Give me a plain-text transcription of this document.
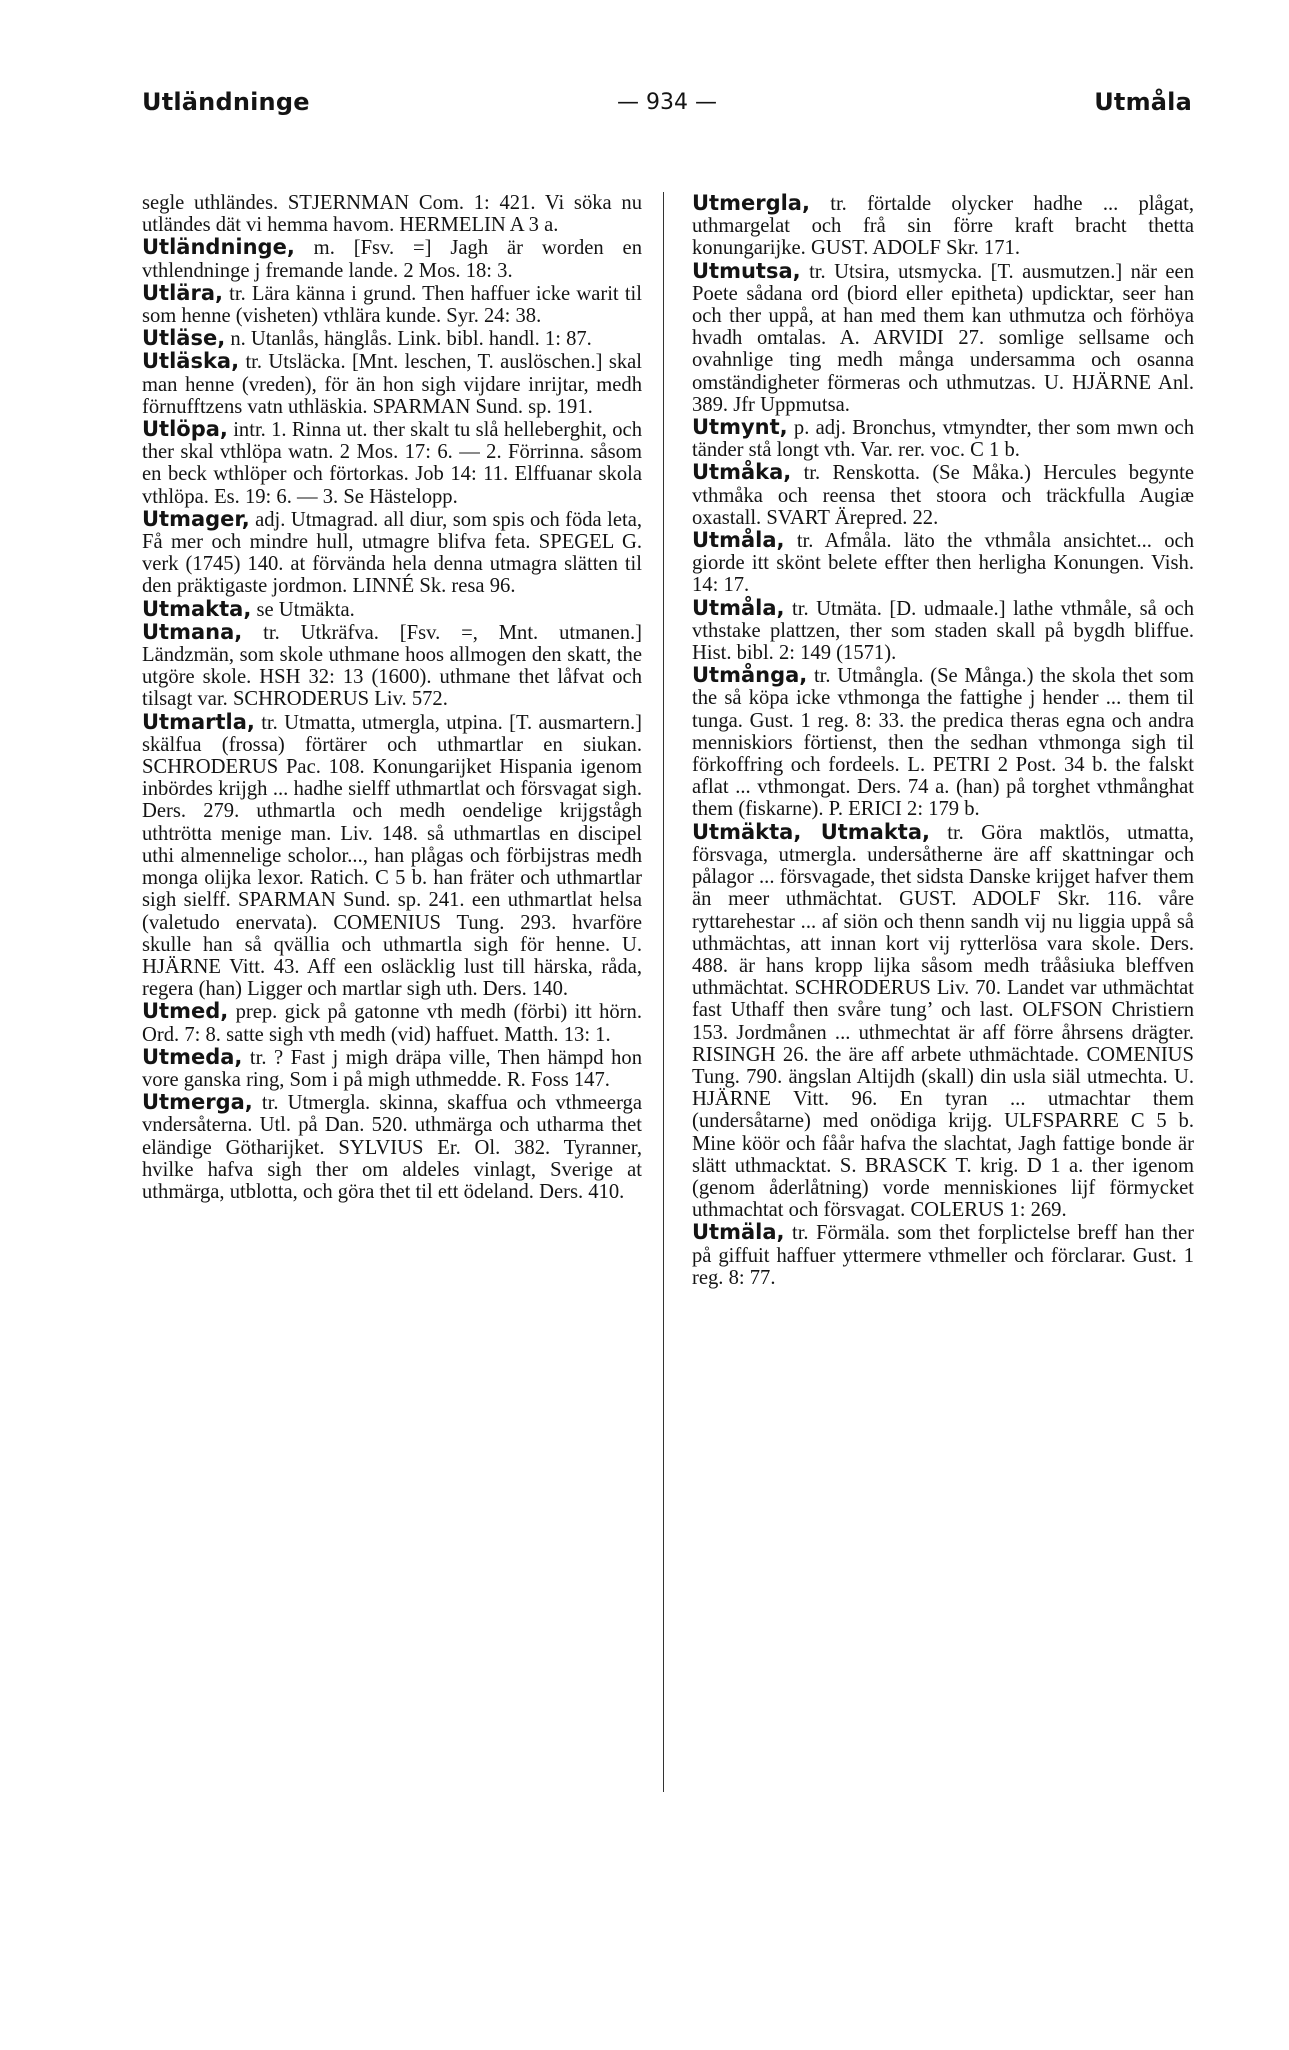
Utländninge	— 934 —	Utmåla

segle uthländes. STJERNMAN Com. 1: 421. Vi söka nu utländes dät vi hemma havom. HERMELIN A 3 a.

Utländninge, m. [Fsv. =] Jagh är worden en vthlendninge j fremande lande. 2 Mos. 18: 3.

Utlära, tr. Lära känna i grund. Then haffuer icke warit til som henne (visheten) vthlära kunde. Syr. 24: 38.

Utläse, n. Utanlås, hänglås. Link. bibl. handl. 1: 87.

Utläska, tr. Utsläcka. [Mnt. leschen, T. auslöschen.] skal man henne (vreden), för än hon sigh vijdare inrijtar, medh förnufftzens vatn uthläskia. SPARMAN Sund. sp. 191.

Utlöpa, intr. 1. Rinna ut. ther skalt tu slå helleberghit, och ther skal vthlöpa watn. 2 Mos. 17: 6. — 2. Förrinna. såsom en beck wthlöper och förtorkas. Job 14: 11. Elffuanar skola vthlöpa. Es. 19: 6. — 3. Se Hästelopp.

Utmager, adj. Utmagrad. all diur, som spis och föda leta, Få mer och mindre hull, utmagre blifva feta. SPEGEL G. verk (1745) 140. at förvända hela denna utmagra slätten til den präktigaste jordmon. LINNÉ Sk. resa 96.

Utmakta, se Utmäkta.

Utmana, tr. Utkräfva. [Fsv. =, Mnt. utmanen.] Ländzmän, som skole uthmane hoos allmogen den skatt, the utgöre skole. HSH 32: 13 (1600). uthmane thet låfvat och tilsagt var. SCHRODERUS Liv. 572.

Utmartla, tr. Utmatta, utmergla, utpina. [T. ausmartern.] skälfua (frossa) förtärer och uthmartlar en siukan. SCHRODERUS Pac. 108. Konungarijket Hispania igenom inbördes krijgh ... hadhe sielff uthmartlat och försvagat sigh. Ders. 279. uthmartla och medh oendelige krijgstågh uthtrötta menige man. Liv. 148. så uthmartlas en discipel uthi almennelige scholor..., han plågas och förbijstras medh monga olijka lexor. Ratich. C 5 b. han fräter och uthmartlar sigh sielff. SPARMAN Sund. sp. 241. een uthmartlat helsa (valetudo enervata). COMENIUS Tung. 293. hvarföre skulle han så qvällia och uthmartla sigh för henne. U. HJÄRNE Vitt. 43. Aff een osläcklig lust till härska, råda, regera (han) Ligger och martlar sigh uth. Ders. 140.

Utmed, prep. gick på gatonne vth medh (förbi) itt hörn. Ord. 7: 8. satte sigh vth medh (vid) haffuet. Matth. 13: 1.

Utmeda, tr. ? Fast j migh dräpa ville, Then hämpd hon vore ganska ring, Som i på migh uthmedde. R. Foss 147.

Utmerga, tr. Utmergla. skinna, skaffua och vthmeerga vndersåterna. Utl. på Dan. 520. uthmärga och utharma thet eländige Götharijket. SYLVIUS Er. Ol. 382. Tyranner, hvilke hafva sigh ther om aldeles vinlagt, Sverige at uthmärga, utblotta, och göra thet til ett ödeland. Ders. 410.

Utmergla, tr. förtalde olycker hadhe ... plågat, uthmargelat och frå sin förre kraft bracht thetta konungarijke. GUST. ADOLF Skr. 171.

Utmutsa, tr. Utsira, utsmycka. [T. ausmutzen.] när een Poete sådana ord (biord eller epitheta) updicktar, seer han och ther uppå, at han med them kan uthmutza och förhöya hvadh omtalas. A. ARVIDI 27. somlige sellsame och ovahnlige ting medh många undersamma och osanna omständigheter förmeras och uthmutzas. U. HJÄRNE Anl. 389. Jfr Uppmutsa.

Utmynt, p. adj. Bronchus, vtmyndter, ther som mwn och tänder stå longt vth. Var. rer. voc. C 1 b.

Utmåka, tr. Renskotta. (Se Måka.) Hercules begynte vthmåka och reensa thet stoora och träckfulla Augiæ oxastall. SVART Ärepred. 22.

Utmåla, tr. Afmåla. läto the vthmåla ansichtet... och giorde itt skönt belete effter then herligha Konungen. Vish. 14: 17.

Utmåla, tr. Utmäta. [D. udmaale.] lathe vthmåle, så och vthstake plattzen, ther som staden skall på bygdh bliffue. Hist. bibl. 2: 149 (1571).

Utmånga, tr. Utmångla. (Se Många.) the skola thet som the så köpa icke vthmonga the fattighe j hender ... them til tunga. Gust. 1 reg. 8: 33. the predica theras egna och andra menniskiors förtienst, then the sedhan vthmonga sigh til förkoffring och fordeels. L. PETRI 2 Post. 34 b. the falskt aflat ... vthmongat. Ders. 74 a. (han) på torghet vthmånghat them (fiskarne). P. ERICI 2: 179 b.

Utmäkta, Utmakta, tr. Göra maktlös, utmatta, försvaga, utmergla. undersåtherne äre aff skattningar och pålagor ... försvagade, thet sidsta Danske krijget hafver them än meer uthmächtat. GUST. ADOLF Skr. 116. våre ryttarehestar ... af siön och thenn sandh vij nu liggia uppå så uthmächtas, att innan kort vij rytterlösa vara skole. Ders. 488. är hans kropp lijka såsom medh trååsiuka bleffven uthmächtat. SCHRODERUS Liv. 70. Landet var uthmächtat fast Uthaff then svåre tung’ och last. OLFSON Christiern 153. Jordmånen ... uthmechtat är aff förre åhrsens drägter. RISINGH 26. the äre aff arbete uthmächtade. COMENIUS Tung. 790. ängslan Altijdh (skall) din usla siäl utmechta. U. HJÄRNE Vitt. 96. En tyran ... utmachtar them (undersåtarne) med onödiga krijg. ULFSPARRE C 5 b. Mine köör och fåår hafva the slachtat, Jagh fattige bonde är slätt uthmacktat. S. BRASCK T. krig. D 1 a. ther igenom (genom åderlåtning) vorde menniskiones lijf förmycket uthmachtat och försvagat. COLERUS 1: 269.

Utmäla, tr. Förmäla. som thet forplictelse breff han ther på giffuit haffuer yttermere vthmeller och förclarar. Gust. 1 reg. 8: 77.
